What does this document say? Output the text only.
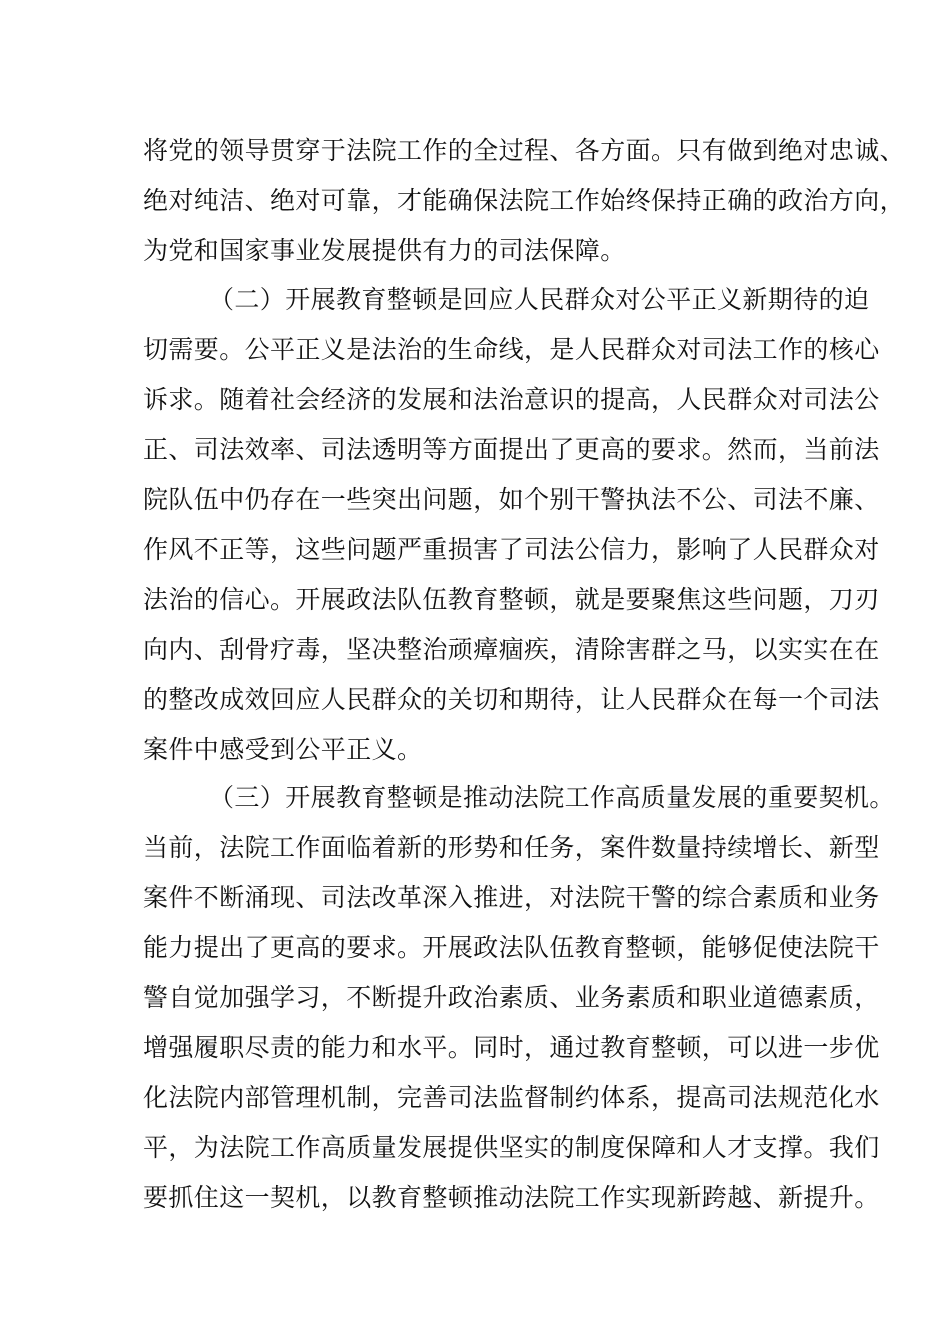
将党的领导贯穿于法院工作的全过程、各方面。只有做到绝对忠诚、
绝对纯洁、绝对可靠，才能确保法院工作始终保持正确的政治方向，
为党和国家事业发展提供有力的司法保障。
（二）开展教育整顿是回应人民群众对公平正义新期待的迫
切需要。公平正义是法治的生命线，是人民群众对司法工作的核心
诉求。随着社会经济的发展和法治意识的提高，人民群众对司法公
正、司法效率、司法透明等方面提出了更高的要求。然而，当前法
院队伍中仍存在一些突出问题，如个别干警执法不公、司法不廉、
作风不正等，这些问题严重损害了司法公信力，影响了人民群众对
法治的信心。开展政法队伍教育整顿，就是要聚焦这些问题，刀刃
向内、刮骨疗毒，坚决整治顽瘴痼疾，清除害群之马，以实实在在
的整改成效回应人民群众的关切和期待，让人民群众在每一个司法
案件中感受到公平正义。
（三）开展教育整顿是推动法院工作高质量发展的重要契机。
当前，法院工作面临着新的形势和任务，案件数量持续增长、新型
案件不断涌现、司法改革深入推进，对法院干警的综合素质和业务
能力提出了更高的要求。开展政法队伍教育整顿，能够促使法院干
警自觉加强学习，不断提升政治素质、业务素质和职业道德素质，
增强履职尽责的能力和水平。同时，通过教育整顿，可以进一步优
化法院内部管理机制，完善司法监督制约体系，提高司法规范化水
平，为法院工作高质量发展提供坚实的制度保障和人才支撑。我们
要抓住这一契机，以教育整顿推动法院工作实现新跨越、新提升。
